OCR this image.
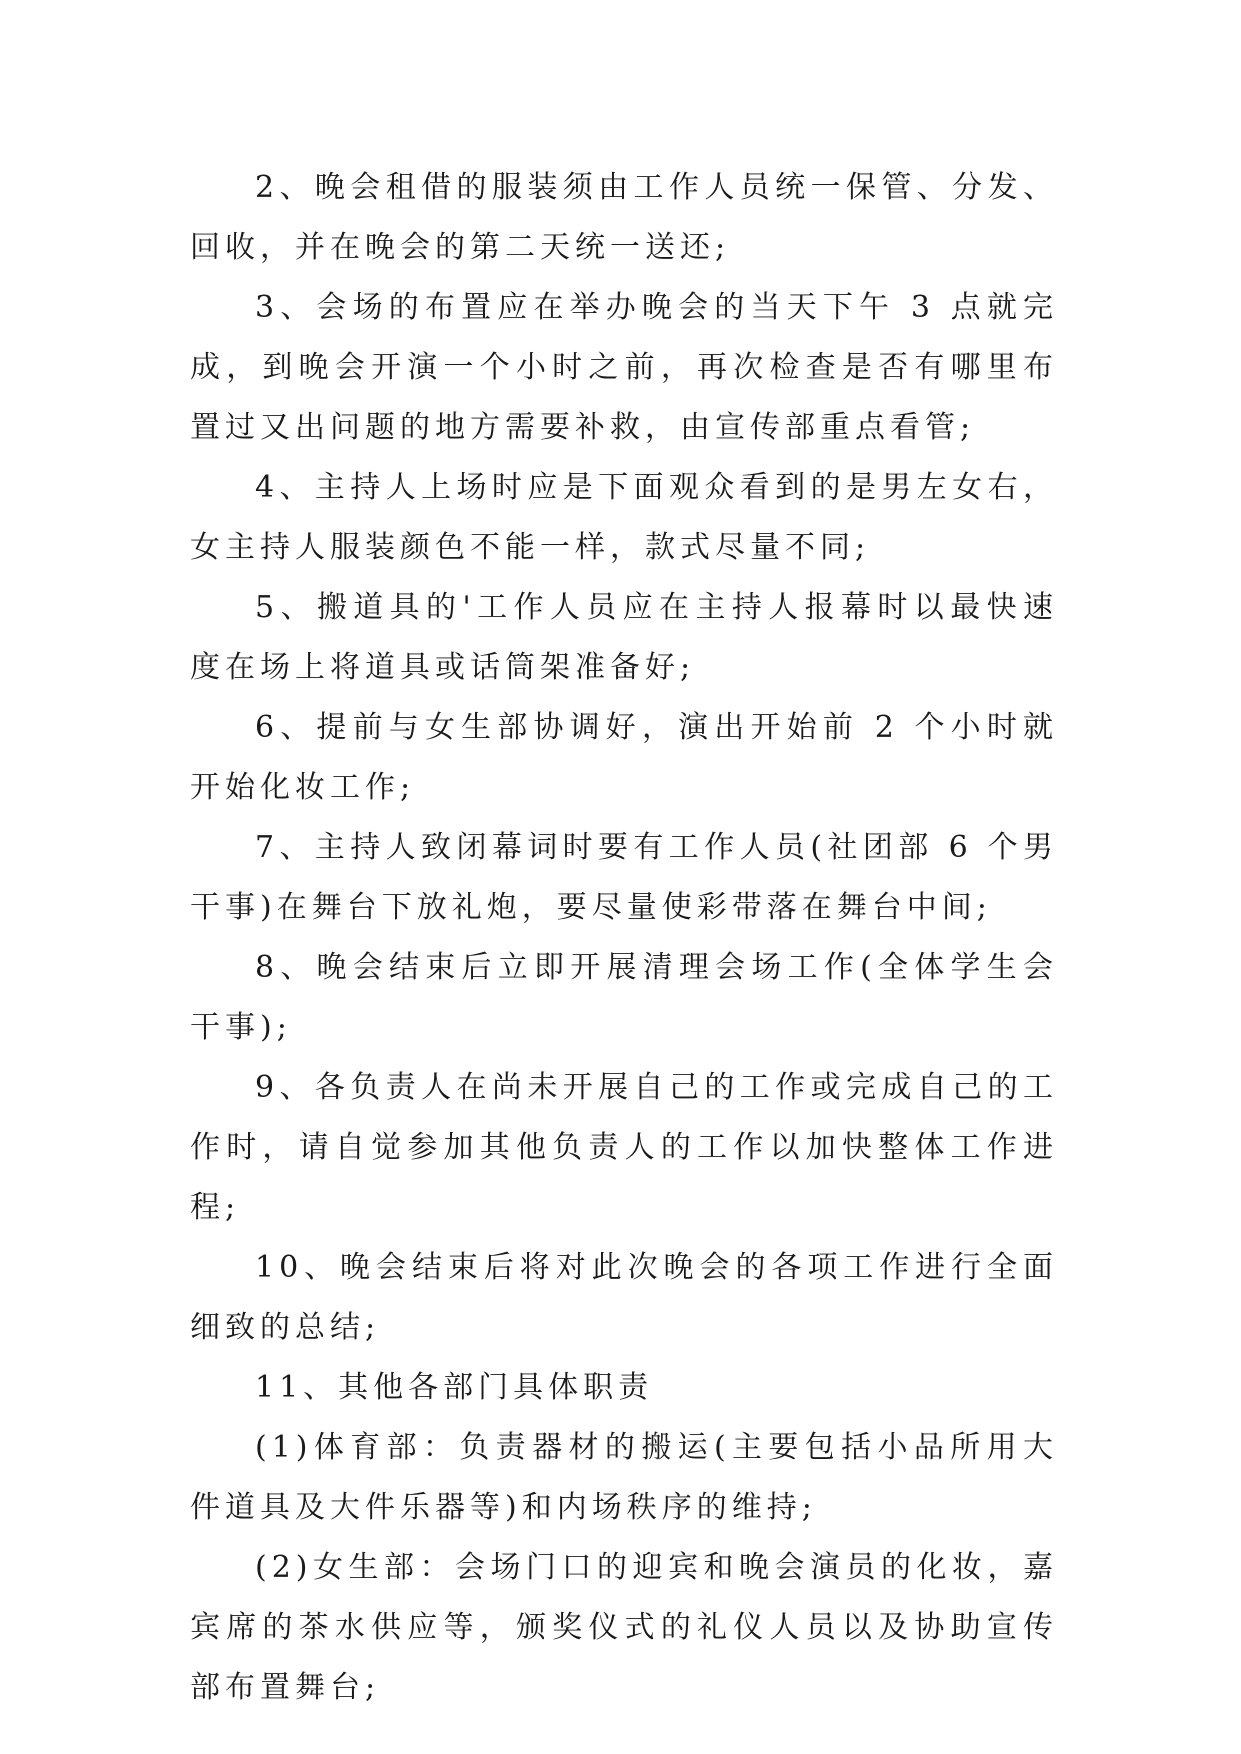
2、晚会租借的服装须由工作人员统一保管、分发、回收，并在晚会的第二天统一送还;

3、会场的布置应在举办晚会的当天下午 3 点就完成，到晚会开演一个小时之前，再次检查是否有哪里布置过又出问题的地方需要补救，由宣传部重点看管;

4、主持人上场时应是下面观众看到的是男左女右，女主持人服装颜色不能一样，款式尽量不同;

5、搬道具的'工作人员应在主持人报幕时以最快速度在场上将道具或话筒架准备好;

6、提前与女生部协调好，演出开始前 2 个小时就开始化妆工作;

7、主持人致闭幕词时要有工作人员(社团部 6 个男干事)在舞台下放礼炮，要尽量使彩带落在舞台中间;

8、晚会结束后立即开展清理会场工作(全体学生会干事);

9、各负责人在尚未开展自己的工作或完成自己的工作时，请自觉参加其他负责人的工作以加快整体工作进程;

10、晚会结束后将对此次晚会的各项工作进行全面细致的总结;

11、其他各部门具体职责

(1)体育部：负责器材的搬运(主要包括小品所用大件道具及大件乐器等)和内场秩序的维持;

(2)女生部：会场门口的迎宾和晚会演员的化妆，嘉宾席的茶水供应等，颁奖仪式的礼仪人员以及协助宣传部布置舞台;
